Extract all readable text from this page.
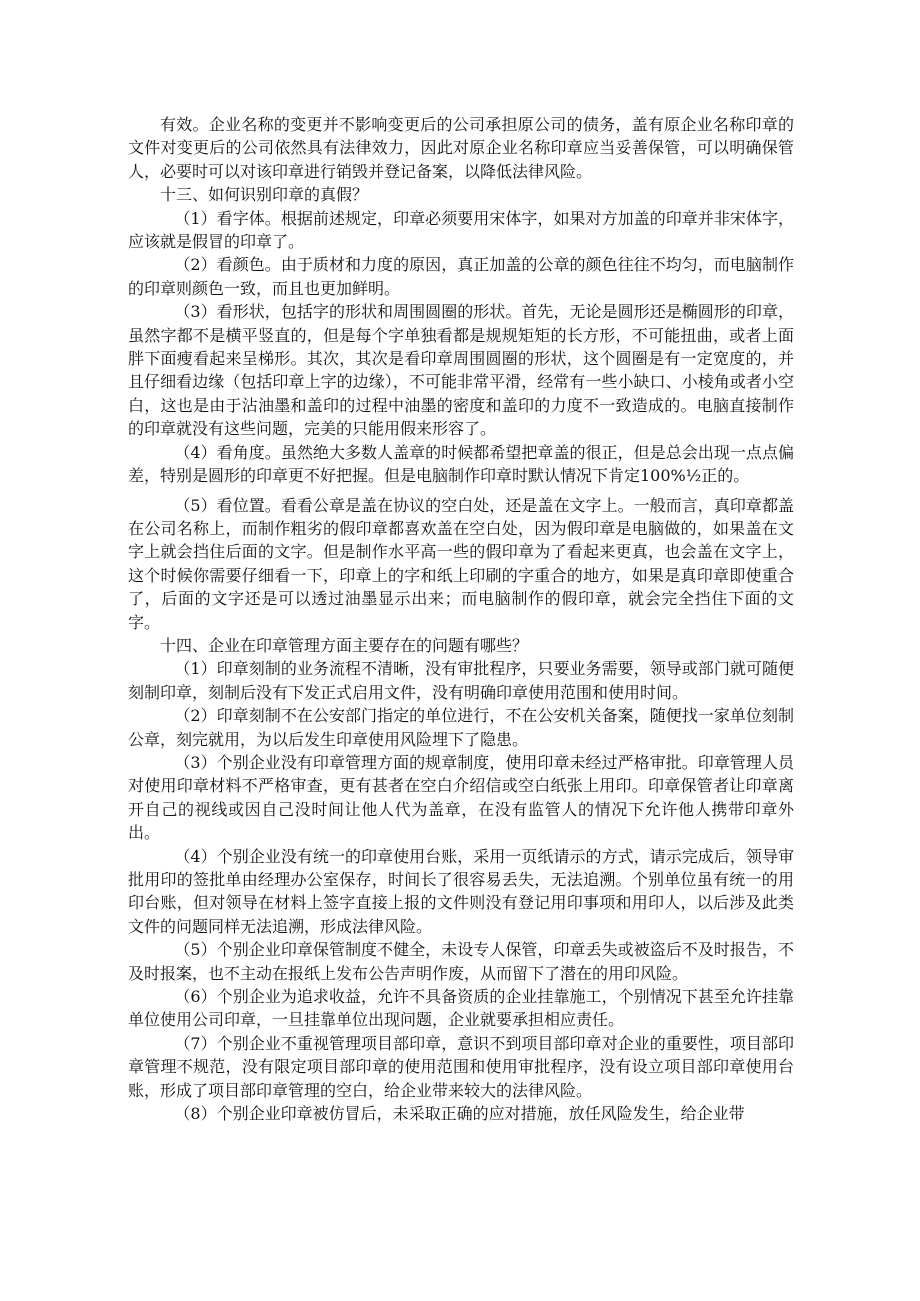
有效。企业名称的变更并不影响变更后的公司承担原公司的债务，盖有原企业名称印章的文件对变更后的公司依然具有法律效力，因此对原企业名称印章应当妥善保管，可以明确保管人，必要时可以对该印章进行销毁并登记备案，以降低法律风险。

十三、如何识别印章的真假？

（1）看字体。根据前述规定，印章必须要用宋体字，如果对方加盖的印章并非宋体字，应该就是假冒的印章了。

（2）看颜色。由于质材和力度的原因，真正加盖的公章的颜色往往不均匀，而电脑制作的印章则颜色一致，而且也更加鲜明。

（3）看形状，包括字的形状和周围圆圈的形状。首先，无论是圆形还是椭圆形的印章，虽然字都不是横平竖直的，但是每个字单独看都是规规矩矩的长方形，不可能扭曲，或者上面胖下面瘦看起来呈梯形。其次，其次是看印章周围圆圈的形状，这个圆圈是有一定宽度的，并且仔细看边缘（包括印章上字的边缘），不可能非常平滑，经常有一些小缺口、小棱角或者小空白，这也是由于沾油墨和盖印的过程中油墨的密度和盖印的力度不一致造成的。电脑直接制作的印章就没有这些问题，完美的只能用假来形容了。

（4）看角度。虽然绝大多数人盖章的时候都希望把章盖的很正，但是总会出现一点点偏差，特别是圆形的印章更不好把握。但是电脑制作印章时默认情况下肯定100%½正的。

（5）看位置。看看公章是盖在协议的空白处，还是盖在文字上。一般而言，真印章都盖在公司名称上，而制作粗劣的假印章都喜欢盖在空白处，因为假印章是电脑做的，如果盖在文字上就会挡住后面的文字。但是制作水平高一些的假印章为了看起来更真，也会盖在文字上，这个时候你需要仔细看一下，印章上的字和纸上印刷的字重合的地方，如果是真印章即使重合了，后面的文字还是可以透过油墨显示出来；而电脑制作的假印章，就会完全挡住下面的文字。

十四、企业在印章管理方面主要存在的问题有哪些？

（1）印章刻制的业务流程不清晰，没有审批程序，只要业务需要，领导或部门就可随便刻制印章，刻制后没有下发正式启用文件，没有明确印章使用范围和使用时间。

（2）印章刻制不在公安部门指定的单位进行，不在公安机关备案，随便找一家单位刻制公章，刻完就用，为以后发生印章使用风险埋下了隐患。

（3）个别企业没有印章管理方面的规章制度，使用印章未经过严格审批。印章管理人员对使用印章材料不严格审查，更有甚者在空白介绍信或空白纸张上用印。印章保管者让印章离开自己的视线或因自己没时间让他人代为盖章，在没有监管人的情况下允许他人携带印章外出。

（4）个别企业没有统一的印章使用台账，采用一页纸请示的方式，请示完成后，领导审批用印的签批单由经理办公室保存，时间长了很容易丢失，无法追溯。个别单位虽有统一的用印台账，但对领导在材料上签字直接上报的文件则没有登记用印事项和用印人，以后涉及此类文件的问题同样无法追溯，形成法律风险。

（5）个别企业印章保管制度不健全，未设专人保管，印章丢失或被盗后不及时报告，不及时报案，也不主动在报纸上发布公告声明作废，从而留下了潜在的用印风险。

（6）个别企业为追求收益，允许不具备资质的企业挂靠施工，个别情况下甚至允许挂靠单位使用公司印章，一旦挂靠单位出现问题，企业就要承担相应责任。

（7）个别企业不重视管理项目部印章，意识不到项目部印章对企业的重要性，项目部印章管理不规范，没有限定项目部印章的使用范围和使用审批程序，没有设立项目部印章使用台账，形成了项目部印章管理的空白，给企业带来较大的法律风险。

（8）个别企业印章被仿冒后，未采取正确的应对措施，放任风险发生，给企业带
